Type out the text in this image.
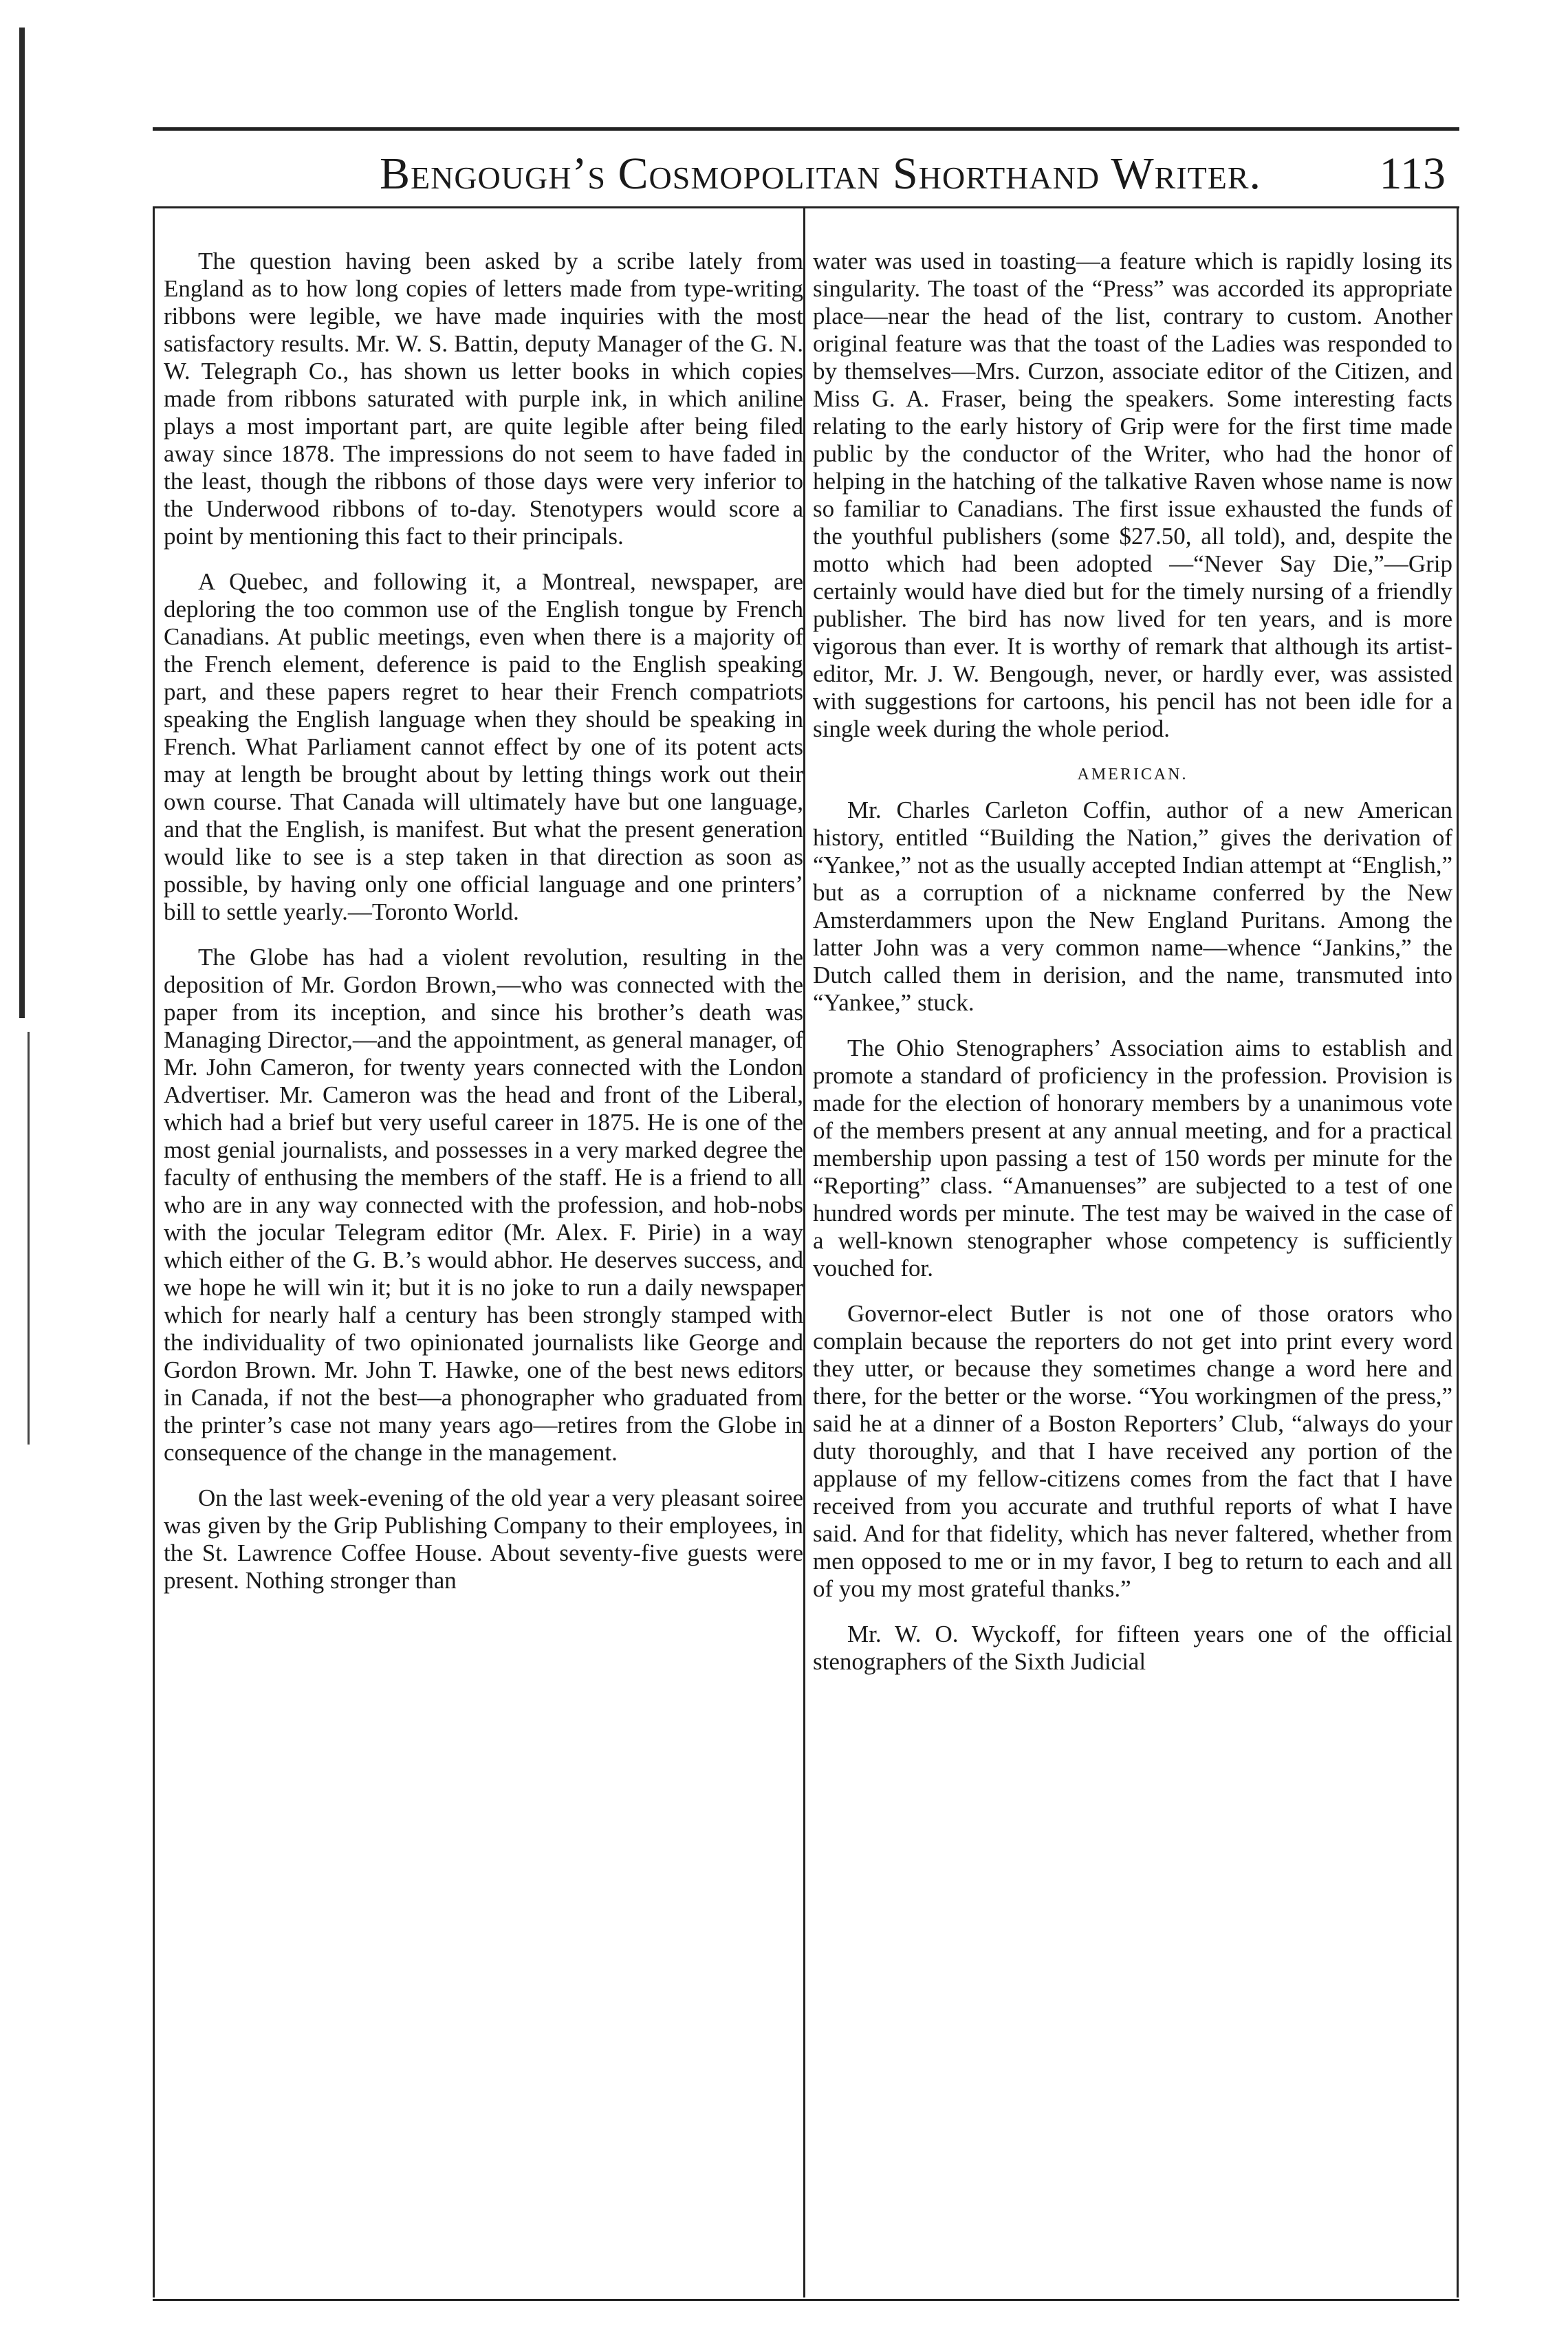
Bengough’s Cosmopolitan Shorthand Writer.	113

The question having been asked by a scribe lately from England as to how long copies of letters made from type-writing ribbons were legible, we have made inquiries with the most satisfactory results. Mr. W. S. Battin, deputy Manager of the G. N. W. Telegraph Co., has shown us letter books in which copies made from ribbons saturated with purple ink, in which aniline plays a most important part, are quite legible after being filed away since 1878. The impressions do not seem to have faded in the least, though the ribbons of those days were very inferior to the Underwood ribbons of to-day. Stenotypers would score a point by mentioning this fact to their principals.

A Quebec, and following it, a Montreal, newspaper, are deploring the too common use of the English tongue by French Canadians. At public meetings, even when there is a majority of the French element, deference is paid to the English speaking part, and these papers regret to hear their French compatriots speaking the English language when they should be speaking in French. What Parliament cannot effect by one of its potent acts may at length be brought about by letting things work out their own course. That Canada will ultimately have but one language, and that the English, is manifest. But what the present generation would like to see is a step taken in that direction as soon as possible, by having only one official language and one printers’ bill to settle yearly.—Toronto World.

The Globe has had a violent revolution, resulting in the deposition of Mr. Gordon Brown,—who was connected with the paper from its inception, and since his brother’s death was Managing Director,—and the appointment, as general manager, of Mr. John Cameron, for twenty years connected with the London Advertiser. Mr. Cameron was the head and front of the Liberal, which had a brief but very useful career in 1875. He is one of the most genial journalists, and possesses in a very marked degree the faculty of enthusing the members of the staff. He is a friend to all who are in any way connected with the profession, and hob-nobs with the jocular Telegram editor (Mr. Alex. F. Pirie) in a way which either of the G. B.’s would abhor. He deserves success, and we hope he will win it; but it is no joke to run a daily newspaper which for nearly half a century has been strongly stamped with the individuality of two opinionated journalists like George and Gordon Brown. Mr. John T. Hawke, one of the best news editors in Canada, if not the best—a phonographer who graduated from the printer’s case not many years ago—retires from the Globe in consequence of the change in the management.

On the last week-evening of the old year a very pleasant soiree was given by the Grip Publishing Company to their employees, in the St. Lawrence Coffee House. About seventy-five guests were present. Nothing stronger than

water was used in toasting—a feature which is rapidly losing its singularity. The toast of the “Press” was accorded its appropriate place—near the head of the list, contrary to custom. Another original feature was that the toast of the Ladies was responded to by themselves—Mrs. Curzon, associate editor of the Citizen, and Miss G. A. Fraser, being the speakers. Some interesting facts relating to the early history of Grip were for the first time made public by the conductor of the Writer, who had the honor of helping in the hatching of the talkative Raven whose name is now so familiar to Canadians. The first issue exhausted the funds of the youthful publishers (some $27.50, all told), and, despite the motto which had been adopted —“Never Say Die,”—Grip certainly would have died but for the timely nursing of a friendly publisher. The bird has now lived for ten years, and is more vigorous than ever. It is worthy of remark that although its artist-editor, Mr. J. W. Bengough, never, or hardly ever, was assisted with suggestions for cartoons, his pencil has not been idle for a single week during the whole period.

AMERICAN.

Mr. Charles Carleton Coffin, author of a new American history, entitled “Building the Nation,” gives the derivation of “Yankee,” not as the usually accepted Indian attempt at “English,” but as a corruption of a nickname conferred by the New Amsterdammers upon the New England Puritans. Among the latter John was a very common name—whence “Jankins,” the Dutch called them in derision, and the name, transmuted into “Yankee,” stuck.

The Ohio Stenographers’ Association aims to establish and promote a standard of proficiency in the profession. Provision is made for the election of honorary members by a unanimous vote of the members present at any annual meeting, and for a practical membership upon passing a test of 150 words per minute for the “Reporting” class. “Amanuenses” are subjected to a test of one hundred words per minute. The test may be waived in the case of a well-known stenographer whose competency is sufficiently vouched for.

Governor-elect Butler is not one of those orators who complain because the reporters do not get into print every word they utter, or because they sometimes change a word here and there, for the better or the worse. “You workingmen of the press,” said he at a dinner of a Boston Reporters’ Club, “always do your duty thoroughly, and that I have received any portion of the applause of my fellow-citizens comes from the fact that I have received from you accurate and truthful reports of what I have said. And for that fidelity, which has never faltered, whether from men opposed to me or in my favor, I beg to return to each and all of you my most grateful thanks.”

Mr. W. O. Wyckoff, for fifteen years one of the official stenographers of the Sixth Judicial
